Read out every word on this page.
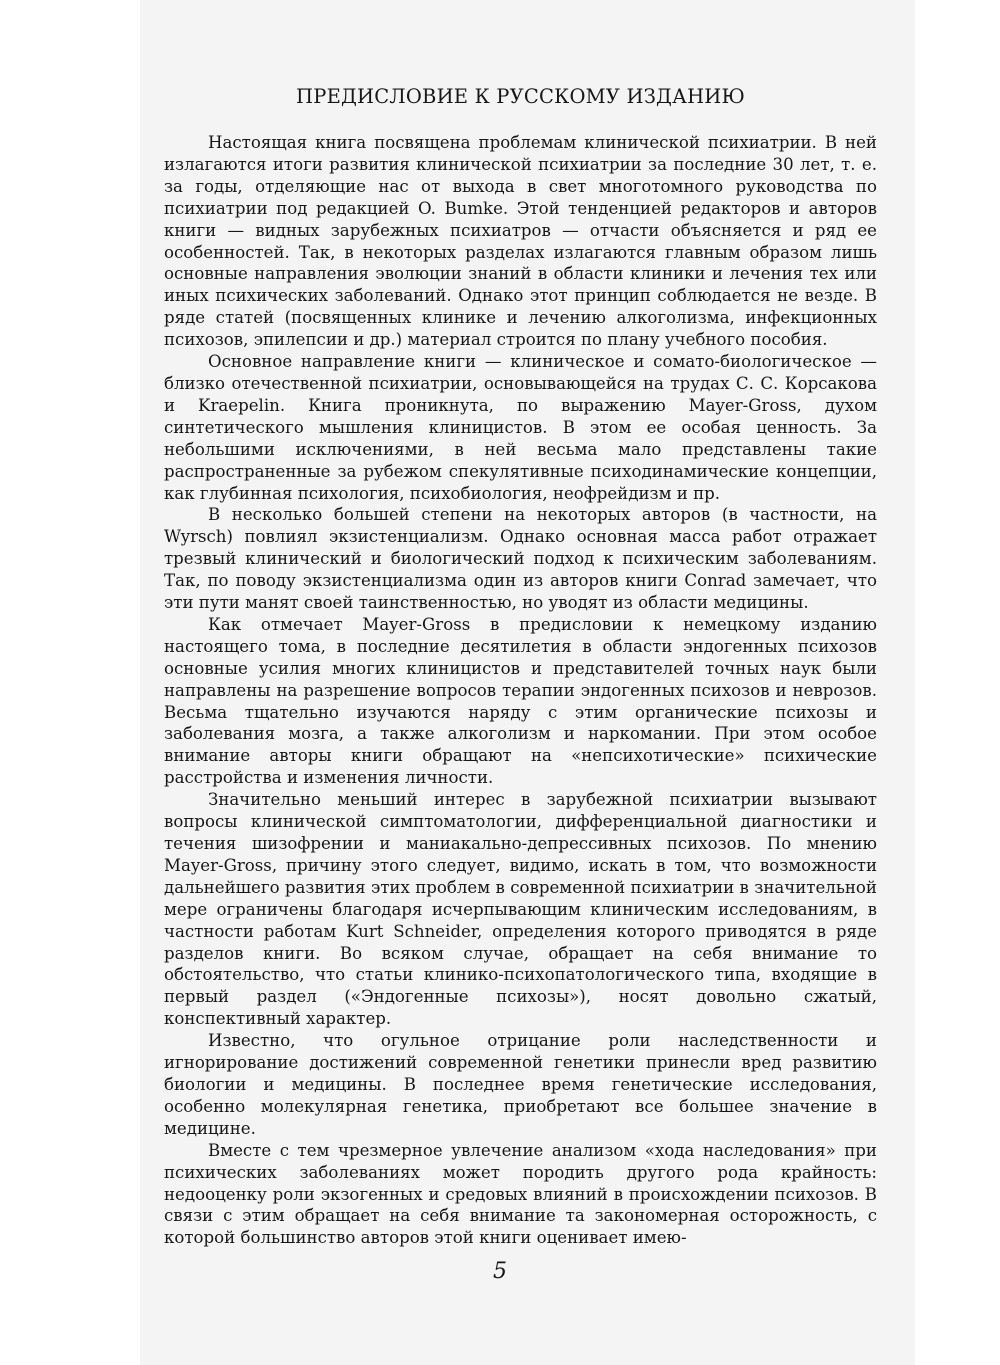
ПРЕДИСЛОВИЕ К РУССКОМУ ИЗДАНИЮ

Настоящая книга посвящена проблемам клинической психиатрии. В ней излагаются итоги развития клинической психиатрии за последние 30 лет, т. е. за годы, отделяющие нас от выхода в свет многотомного руководства по психиатрии под редакцией O. Bumke. Этой тенденцией редакторов и авторов книги — видных зарубежных психиатров — отчасти объясняется и ряд ее особенностей. Так, в некоторых разделах излагаются главным образом лишь основные направления эволюции знаний в области клиники и лечения тех или иных психических заболеваний. Однако этот принцип соблюдается не везде. В ряде статей (посвященных клинике и лечению алкоголизма, инфекционных психозов, эпилепсии и др.) материал строится по плану учебного пособия.

Основное направление книги — клиническое и сомато-биологическое — близко отечественной психиатрии, основывающейся на трудах С. С. Корсакова и Kraepelin. Книга проникнута, по выражению Mayer-Gross, духом синтетического мышления клиницистов. В этом ее особая ценность. За небольшими исключениями, в ней весьма мало представлены такие распространенные за рубежом спекулятивные психодинамические концепции, как глубинная психология, психобиология, неофрейдизм и пр.

В несколько большей степени на некоторых авторов (в частности, на Wyrsch) повлиял экзистенциализм. Однако основная масса работ отражает трезвый клинический и биологический подход к психическим заболеваниям. Так, по поводу экзистенциализма один из авторов книги Conrad замечает, что эти пути манят своей таинственностью, но уводят из области медицины.

Как отмечает Mayer-Gross в предисловии к немецкому изданию настоящего тома, в последние десятилетия в области эндогенных психозов основные усилия многих клиницистов и представителей точных наук были направлены на разрешение вопросов терапии эндогенных психозов и неврозов. Весьма тщательно изучаются наряду с этим органические психозы и заболевания мозга, а также алкоголизм и наркомании. При этом особое внимание авторы книги обращают на «непсихотические» психические расстройства и изменения личности.

Значительно меньший интерес в зарубежной психиатрии вызывают вопросы клинической симптоматологии, дифференциальной диагностики и течения шизофрении и маниакально-депрессивных психозов. По мнению Mayer-Gross, причину этого следует, видимо, искать в том, что возможности дальнейшего развития этих проблем в современной психиатрии в значительной мере ограничены благодаря исчерпывающим клиническим исследованиям, в частности работам Kurt Schneider, определения которого приводятся в ряде разделов книги. Во всяком случае, обращает на себя внимание то обстоятельство, что статьи клинико-психопатологического типа, входящие в первый раздел («Эндогенные психозы»), носят довольно сжатый, конспективный характер.

Известно, что огульное отрицание роли наследственности и игнорирование достижений современной генетики принесли вред развитию биологии и медицины. В последнее время генетические исследования, особенно молекулярная генетика, приобретают все большее значение в медицине.

Вместе с тем чрезмерное увлечение анализом «хода наследования» при психических заболеваниях может породить другого рода крайность: недооценку роли экзогенных и средовых влияний в происхождении психозов. В связи с этим обращает на себя внимание та закономерная осторожность, с которой большинство авторов этой книги оценивает имею-

5
